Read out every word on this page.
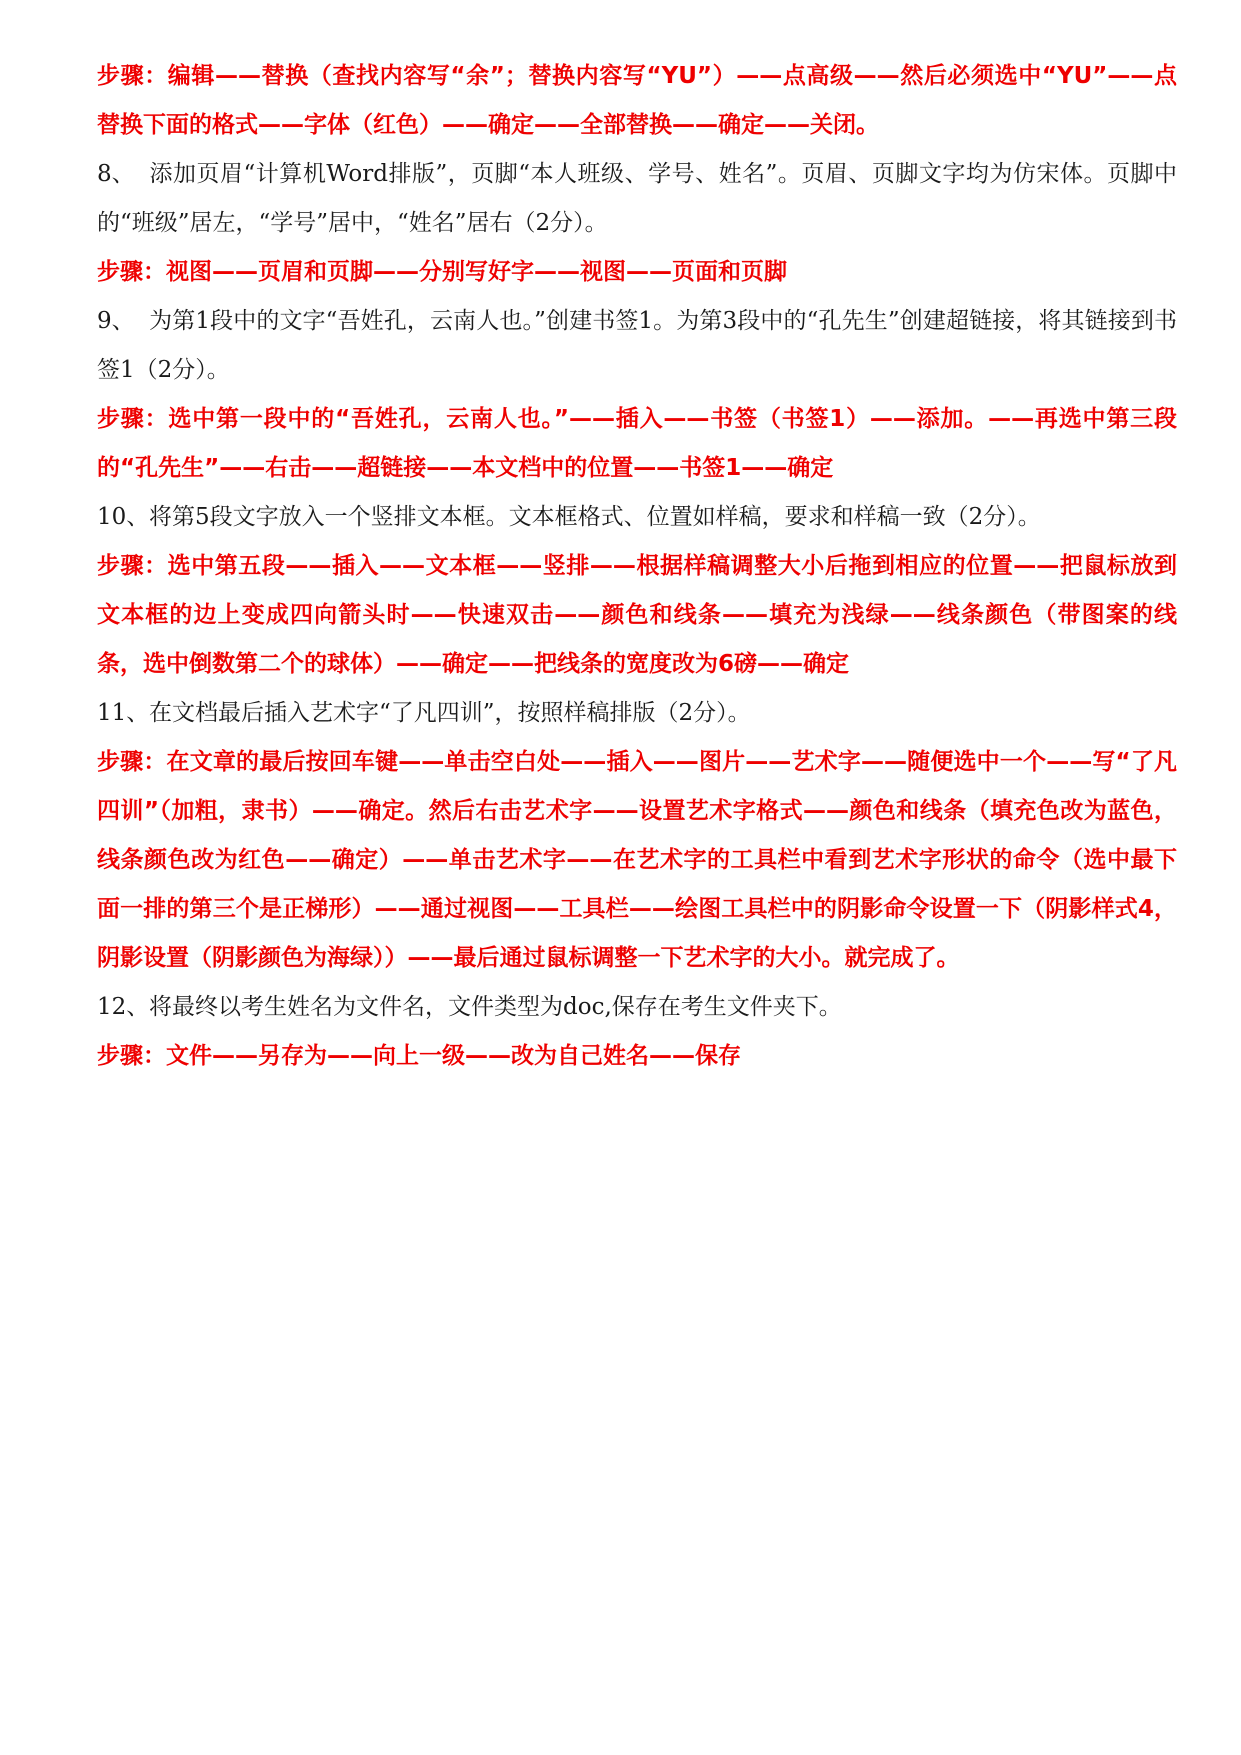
步骤：编辑——替换（查找内容写“余”；替换内容写“YU”）——点高级——然后必须选中“YU”——点替换下面的格式——字体（红色）——确定——全部替换——确定——关闭。

8、 添加页眉“计算机Word排版”，页脚“本人班级、学号、姓名”。页眉、页脚文字均为仿宋体。页脚中的“班级”居左，“学号”居中，“姓名”居右（2分）。

步骤：视图——页眉和页脚——分别写好字——视图——页面和页脚

9、 为第1段中的文字“吾姓孔，云南人也。”创建书签1。为第3段中的“孔先生”创建超链接，将其链接到书签1（2分）。

步骤：选中第一段中的“吾姓孔，云南人也。”——插入——书签（书签1）——添加。——再选中第三段的“孔先生”——右击——超链接——本文档中的位置——书签1——确定

10、将第5段文字放入一个竖排文本框。文本框格式、位置如样稿，要求和样稿一致（2分）。

步骤：选中第五段——插入——文本框——竖排——根据样稿调整大小后拖到相应的位置——把鼠标放到文本框的边上变成四向箭头时——快速双击——颜色和线条——填充为浅绿——线条颜色（带图案的线条，选中倒数第二个的球体）——确定——把线条的宽度改为6磅——确定

11、在文档最后插入艺术字“了凡四训”，按照样稿排版（2分）。

步骤：在文章的最后按回车键——单击空白处——插入——图片——艺术字——随便选中一个——写“了凡四训”（加粗，隶书）——确定。然后右击艺术字——设置艺术字格式——颜色和线条（填充色改为蓝色，线条颜色改为红色——确定）——单击艺术字——在艺术字的工具栏中看到艺术字形状的命令（选中最下面一排的第三个是正梯形）——通过视图——工具栏——绘图工具栏中的阴影命令设置一下（阴影样式4，阴影设置（阴影颜色为海绿））——最后通过鼠标调整一下艺术字的大小。就完成了。

12、将最终以考生姓名为文件名，文件类型为doc,保存在考生文件夹下。

步骤：文件——另存为——向上一级——改为自己姓名——保存
